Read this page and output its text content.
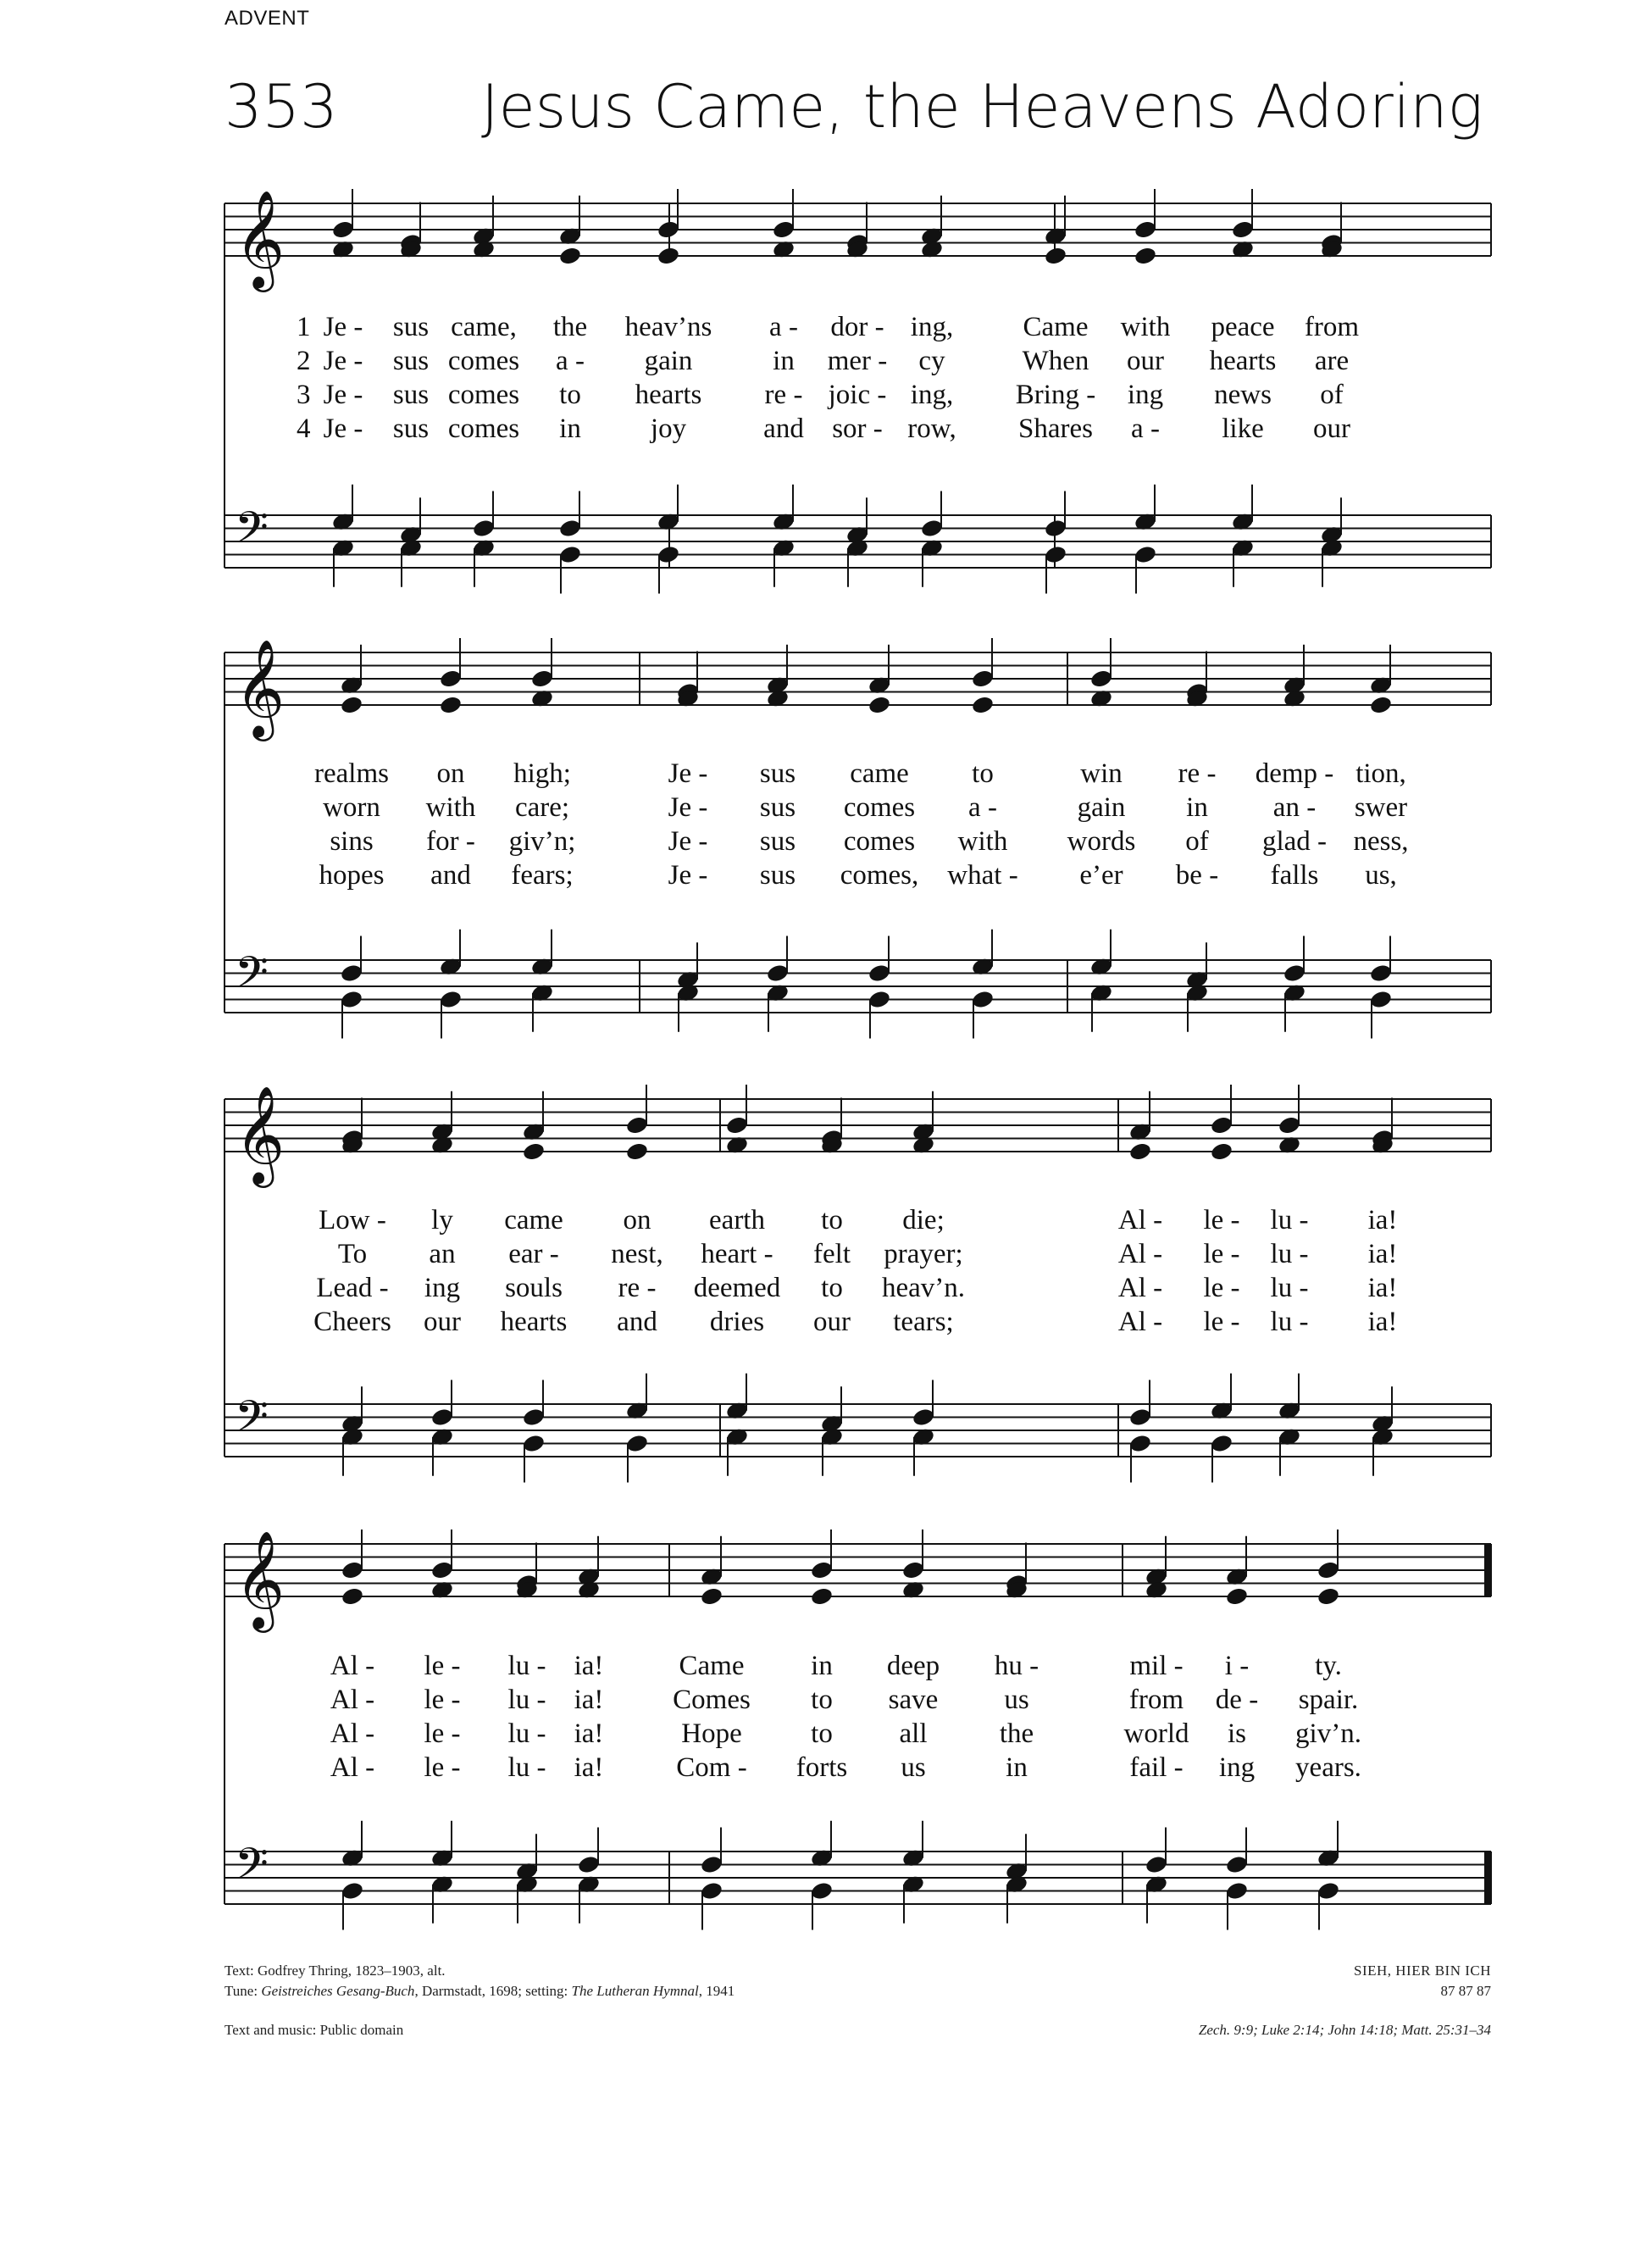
ADVENT
353 Jesus Came, the Heavens Adoring
𝄞
𝄢
1 Je - sus came, the heav’ns a - dor - ing, Came with peace from
2 Je - sus comes a - gain	in mer - cy	When our hearts are
3 Je - sus comes to hearts re - joic - ing, Bring - ing news of
4 Je - sus comes in joy	and sor - row, Shares a - like our
𝄞
𝄢
realms on high;	Je - sus came to	win re - demp - tion,
worn with care;	Je - sus comes a -	gain in an - swer
sins for - giv’n;	Je - sus comes with words of glad - ness,
hopes and fears;	Je - sus comes, what - e’er be - falls us,
𝄞
𝄢
Low - ly came on earth to die;	Al - le - lu - ia!
To an ear - nest, heart - felt prayer;	Al - le - lu - ia!
Lead - ing souls re - deemed to heav’n.	Al - le - lu - ia!
Cheers our hearts and dries our tears;	Al - le - lu - ia!
𝄞
𝄢
Al - le - lu - ia!	Came in deep hu -	mil - i - ty.
Al - le - lu - ia! Comes to save us	from de - spair.
Al - le - lu - ia!	Hope to all	the	world is giv’n.
Al - le - lu - ia!	Com - forts us	in	fail - ing years.
Text: Godfrey Thring, 1823–1903, alt.
Tune: Geistreiches Gesang-Buch, Darmstadt, 1698; setting: The Lutheran Hymnal, 1941
SIEH, HIER BIN ICH
87 87 87
Text and music: Public domain	Zech. 9:9; Luke 2:14; John 14:18; Matt. 25:31–34
